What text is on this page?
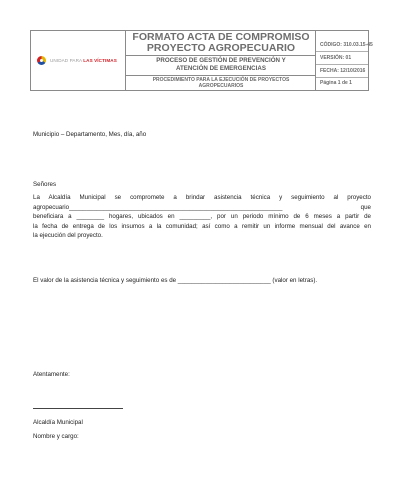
UNIDAD PARA LAS VÍCTIMAS
FORMATO ACTA DE COMPROMISO
PROYECTO AGROPECUARIO
PROCESO DE GESTIÓN DE PREVENCIÓN Y
ATENCIÓN DE EMERGENCIAS
PROCEDIMIENTO PARA LA EJECUCIÓN DE PROYECTOS
AGROPECUARIOS
CÓDIGO: 310.03.15-45
VERSIÓN: 01
FECHA: 12/10/2016
Página 1 de 1
Municipio – Departamento, Mes, día, año
Señores
La Alcaldía Municipal se compromete a brindar asistencia técnica y seguimiento al proyecto
agropecuario______________________________________________________________ que
beneficiara a ________ hogares, ubicados en _________, por un periodo mínimo de 6 meses a partir de
la fecha de entrega de los insumos a la comunidad; así como a remitir un informe mensual del avance en
la ejecución del proyecto.
El valor de la asistencia técnica y seguimiento es de ___________________________ (valor en letras).
Atentamente:
Alcaldía Municipal
Nombre y cargo:
